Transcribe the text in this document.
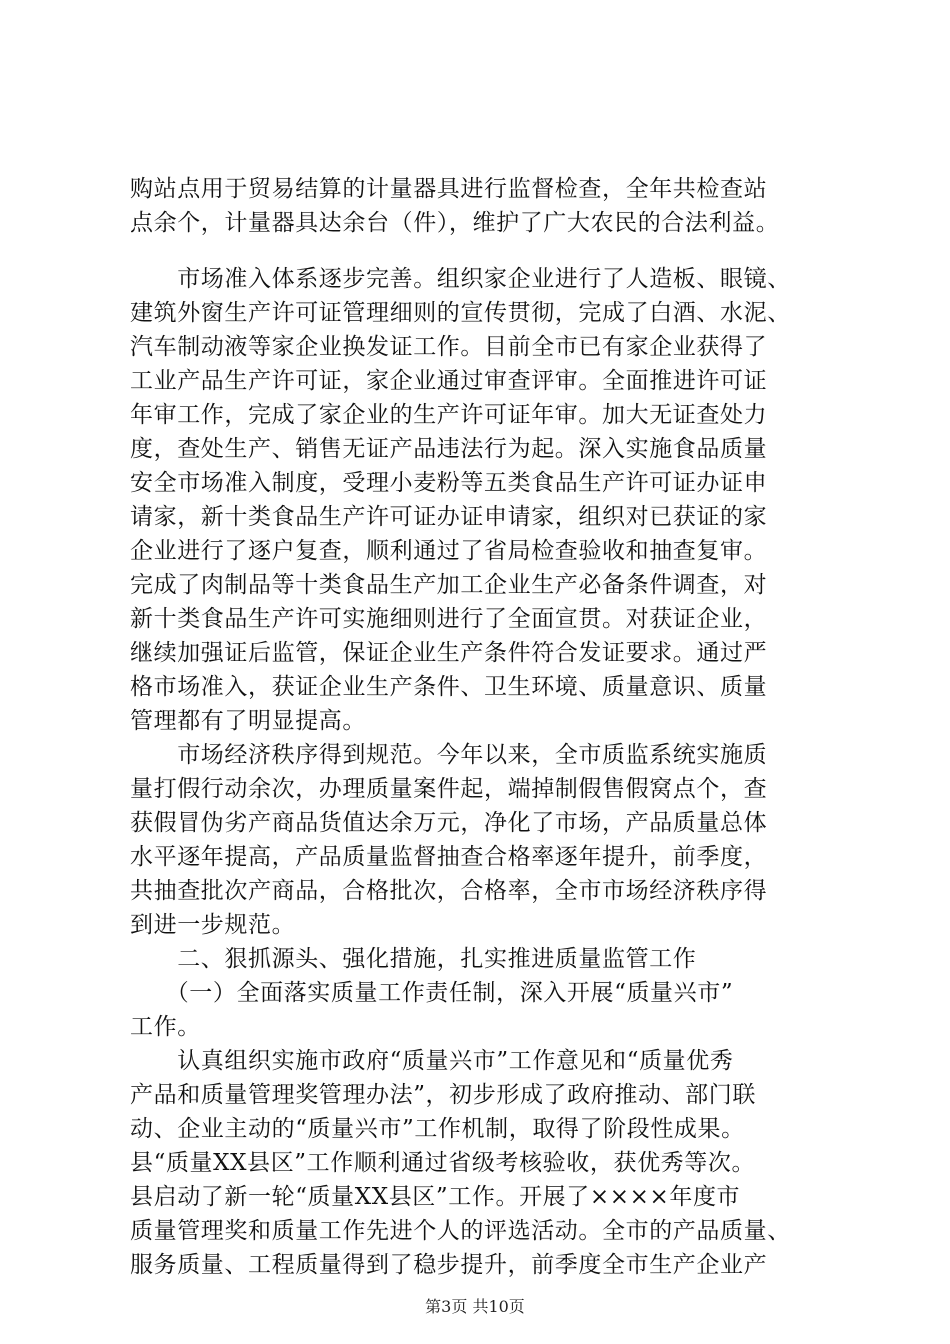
购站点用于贸易结算的计量器具进行监督检查，全年共检查站
点余个，计量器具达余台（件），维护了广大农民的合法利益。
　　市场准入体系逐步完善。组织家企业进行了人造板、眼镜、
建筑外窗生产许可证管理细则的宣传贯彻，完成了白酒、水泥、
汽车制动液等家企业换发证工作。目前全市已有家企业获得了
工业产品生产许可证，家企业通过审查评审。全面推进许可证
年审工作，完成了家企业的生产许可证年审。加大无证查处力
度，查处生产、销售无证产品违法行为起。深入实施食品质量
安全市场准入制度，受理小麦粉等五类食品生产许可证办证申
请家，新十类食品生产许可证办证申请家，组织对已获证的家
企业进行了逐户复查，顺利通过了省局检查验收和抽查复审。
完成了肉制品等十类食品生产加工企业生产必备条件调查，对
新十类食品生产许可实施细则进行了全面宣贯。对获证企业，
继续加强证后监管，保证企业生产条件符合发证要求。通过严
格市场准入，获证企业生产条件、卫生环境、质量意识、质量
管理都有了明显提高。
　　市场经济秩序得到规范。今年以来，全市质监系统实施质
量打假行动余次，办理质量案件起，端掉制假售假窝点个，查
获假冒伪劣产商品货值达余万元，净化了市场，产品质量总体
水平逐年提高，产品质量监督抽查合格率逐年提升，前季度，
共抽查批次产商品，合格批次，合格率，全市市场经济秩序得
到进一步规范。
　　二、狠抓源头、强化措施，扎实推进质量监管工作
　　（一）全面落实质量工作责任制，深入开展“质量兴市”
工作。
　　认真组织实施市政府“质量兴市”工作意见和“质量优秀
产品和质量管理奖管理办法”，初步形成了政府推动、部门联
动、企业主动的“质量兴市”工作机制，取得了阶段性成果。
县“质量XX县区”工作顺利通过省级考核验收，获优秀等次。
县启动了新一轮“质量XX县区”工作。开展了××××年度市
质量管理奖和质量工作先进个人的评选活动。全市的产品质量、
服务质量、工程质量得到了稳步提升，前季度全市生产企业产
第3页 共10页
